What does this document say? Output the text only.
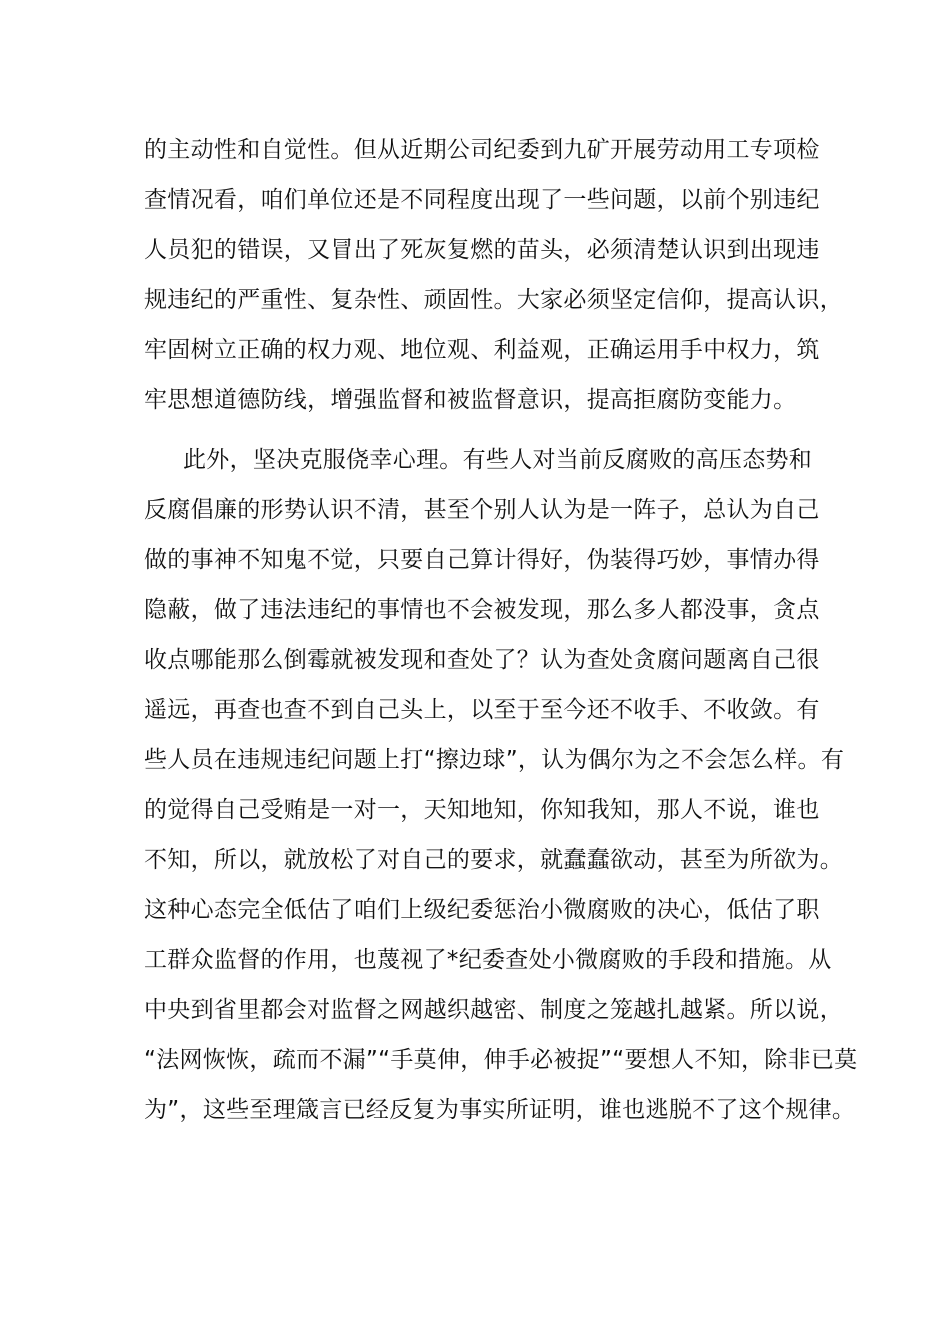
的主动性和自觉性。但从近期公司纪委到九矿开展劳动用工专项检
查情况看，咱们单位还是不同程度出现了一些问题，以前个别违纪
人员犯的错误，又冒出了死灰复燃的苗头，必须清楚认识到出现违
规违纪的严重性、复杂性、顽固性。大家必须坚定信仰，提高认识，
牢固树立正确的权力观、地位观、利益观，正确运用手中权力，筑
牢思想道德防线，增强监督和被监督意识，提高拒腐防变能力。
此外，坚决克服侥幸心理。有些人对当前反腐败的高压态势和
反腐倡廉的形势认识不清，甚至个别人认为是一阵子，总认为自己
做的事神不知鬼不觉，只要自己算计得好，伪装得巧妙，事情办得
隐蔽，做了违法违纪的事情也不会被发现，那么多人都没事，贪点
收点哪能那么倒霉就被发现和查处了？认为查处贪腐问题离自己很
遥远，再查也查不到自己头上，以至于至今还不收手、不收敛。有
些人员在违规违纪问题上打“擦边球”，认为偶尔为之不会怎么样。有
的觉得自己受贿是一对一，天知地知，你知我知，那人不说，谁也
不知，所以，就放松了对自己的要求，就蠢蠢欲动，甚至为所欲为。
这种心态完全低估了咱们上级纪委惩治小微腐败的决心，低估了职
工群众监督的作用，也蔑视了*纪委查处小微腐败的手段和措施。从
中央到省里都会对监督之网越织越密、制度之笼越扎越紧。所以说，
“法网恢恢，疏而不漏”“手莫伸，伸手必被捉”“要想人不知，除非已莫
为”，这些至理箴言已经反复为事实所证明，谁也逃脱不了这个规律。
